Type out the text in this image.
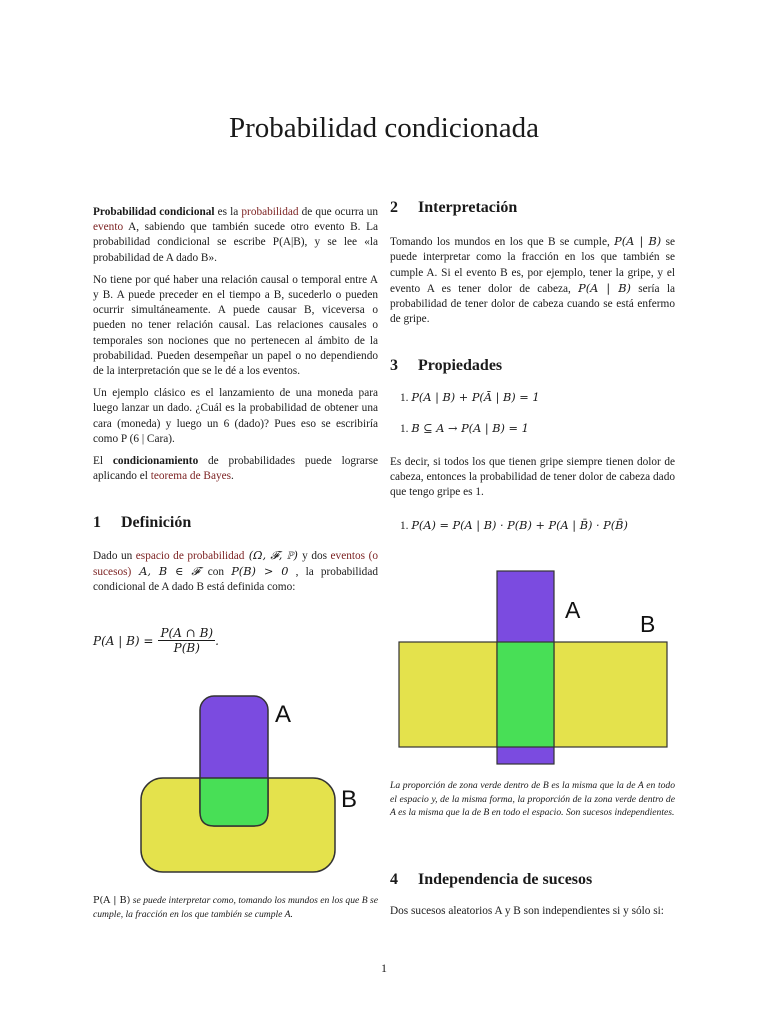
Probabilidad condicionada

Probabilidad condicional es la probabilidad de que ocurra un evento A, sabiendo que también sucede otro evento B. La probabilidad condicional se escribe P(A|B), y se lee «la probabilidad de A dado B».

No tiene por qué haber una relación causal o temporal entre A y B. A puede preceder en el tiempo a B, sucederlo o pueden ocurrir simultáneamente. A puede causar B, viceversa o pueden no tener relación causal. Las relaciones causales o temporales son nociones que no pertenecen al ámbito de la probabilidad. Pueden desempeñar un papel o no dependiendo de la interpretación que se le dé a los eventos.

Un ejemplo clásico es el lanzamiento de una moneda para luego lanzar un dado. ¿Cuál es la probabilidad de obtener una cara (moneda) y luego un 6 (dado)? Pues eso se escribiría como P (6 | Cara).

El condicionamiento de probabilidades puede lograrse aplicando el teorema de Bayes.

1 Definición

Dado un espacio de probabilidad (Ω, 𝓕, ℙ) y dos eventos (o sucesos) A, B ∈ 𝓕 con P(B) > 0 , la probabilidad condicional de A dado B está definida como:

P(A | B) =
P(A ∩ B)
P(B)
.
A
B
P(A | B) se puede interpretar como, tomando los mundos en los que B se cumple, la fracción en los que también se cumple A.
2 Interpretación

Tomando los mundos en los que B se cumple, P(A | B) se puede interpretar como la fracción en los que también se cumple A. Si el evento B es, por ejemplo, tener la gripe, y el evento A es tener dolor de cabeza, P(A | B) sería la probabilidad de tener dolor de cabeza cuando se está enfermo de gripe.

3 Propiedades
1. P(A | B) + P(Ā | B) = 1
1. B ⊆ A → P(A | B) = 1

Es decir, si todos los que tienen gripe siempre tienen dolor de cabeza, entonces la probabilidad de tener dolor de cabeza dado que tengo gripe es 1.

1. P(A) = P(A | B) · P(B) + P(A | B̄) · P(B̄)
A
B
La proporción de zona verde dentro de B es la misma que la de A en todo el espacio y, de la misma forma, la proporción de la zona verde dentro de A es la misma que la de B en todo el espacio. Son sucesos independientes.
4 Independencia de sucesos

Dos sucesos aleatorios A y B son independientes si y sólo si:

1
